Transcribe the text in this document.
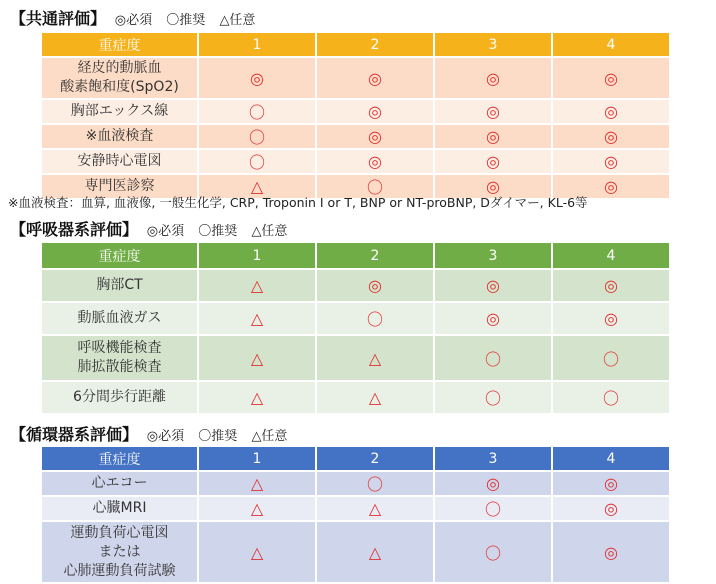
【共通評価】 ◎必須 〇推奨 △任意
重症度	1	2	3	4
経皮的動脈血
酸素飽和度(SpO2)	◎	◎	◎	◎
胸部エックス線	〇	◎	◎	◎
※血液検査	〇	◎	◎	◎
安静時心電図	〇	◎	◎	◎
専門医診察	△	〇	◎	◎
※血液検査：血算, 血液像, 一般生化学, CRP, Troponin I or T, BNP or NT-proBNP, Dダイマー, KL-6等
【呼吸器系評価】 ◎必須 〇推奨 △任意
重症度	1	2	3	4
胸部CT	△	◎	◎	◎
動脈血液ガス	△	〇	◎	◎
呼吸機能検査
肺拡散能検査	△	△	〇	〇
6分間歩行距離	△	△	〇	〇
【循環器系評価】 ◎必須 〇推奨 △任意
重症度	1	2	3	4
心エコー	△	〇	◎	◎
心臓MRI	△	△	〇	◎
運動負荷心電図
または
心肺運動負荷試験	△	△	〇	◎
